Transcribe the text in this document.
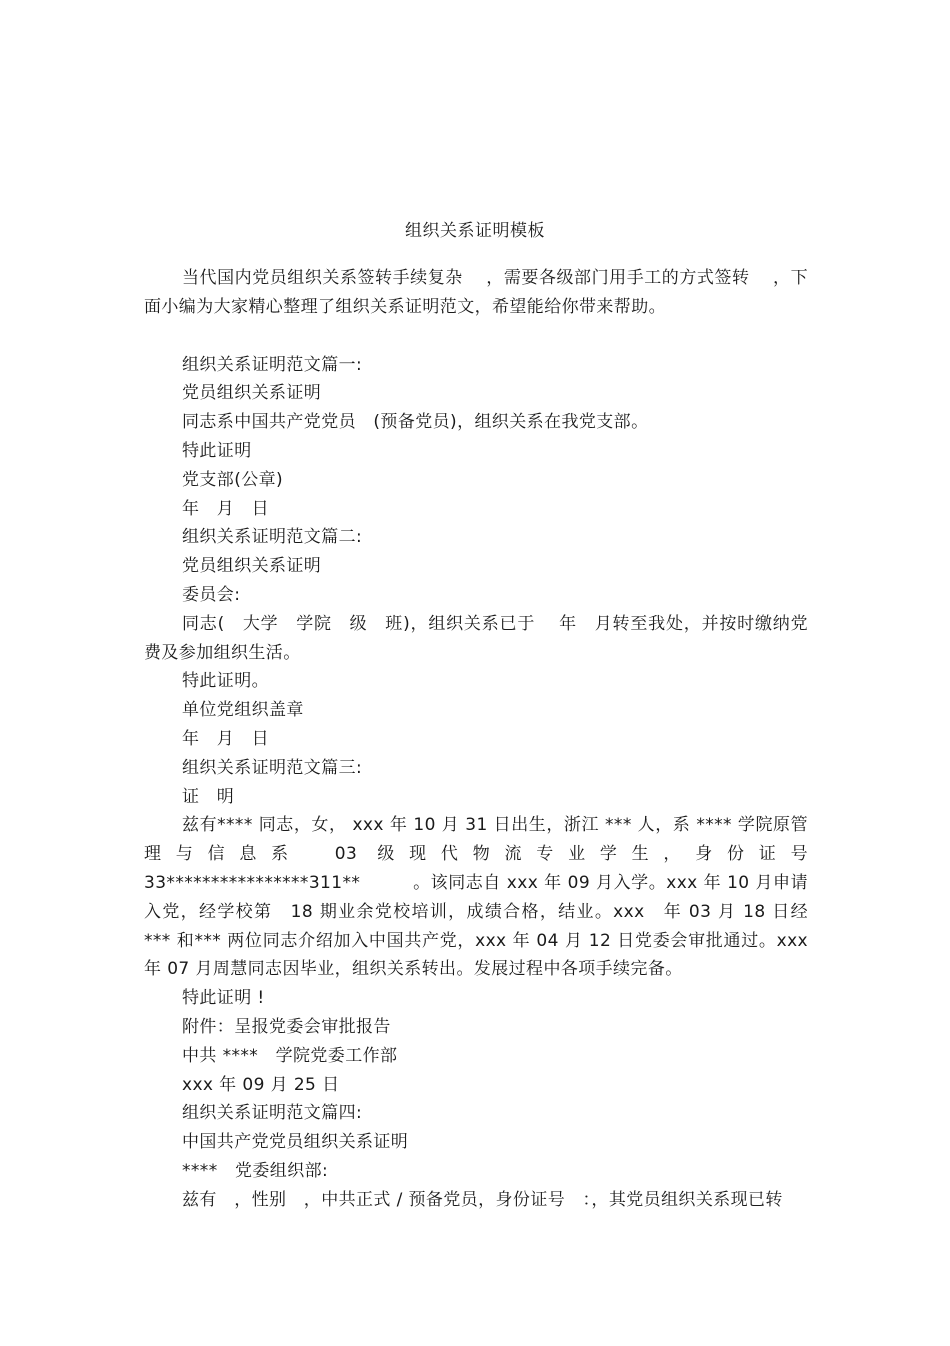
组织关系证明模板

当代国内党员组织关系签转手续复杂　 ，需要各级部门用手工的方式签转　 ，下面小编为大家精心整理了组织关系证明范文，希望能给你带来帮助。

组织关系证明范文篇一:

党员组织关系证明

同志系中国共产党党员　(预备党员)，组织关系在我党支部。

特此证明

党支部(公章)

年　月　日

组织关系证明范文篇二:

党员组织关系证明

委员会:

同志(　大学　学院　级　班)，组织关系已于　 年　月转至我处，并按时缴纳党费及参加组织生活。

特此证明。

单位党组织盖章

年　月　日

组织关系证明范文篇三:

证　明

兹有**** 同志，女， xxx 年 10 月 31 日出生，浙江 *** 人，系 **** 学院原管理与信息系　03 级现代物流专业学生，身份证号　 33****************311**　　　。该同志自 xxx 年 09 月入学。xxx 年 10 月申请入党，经学校第　18 期业余党校培训，成绩合格，结业。xxx　年 03 月 18 日经 *** 和*** 两位同志介绍加入中国共产党，xxx 年 04 月 12 日党委会审批通过。xxx 年 07 月周慧同志因毕业，组织关系转出。发展过程中各项手续完备。

特此证明 !

附件：呈报党委会审批报告

中共 ****　学院党委工作部

xxx 年 09 月 25 日

组织关系证明范文篇四:

中国共产党党员组织关系证明

****　党委组织部:

兹有　，性别　，中共正式 / 预备党员，身份证号　：，其党员组织关系现已转
